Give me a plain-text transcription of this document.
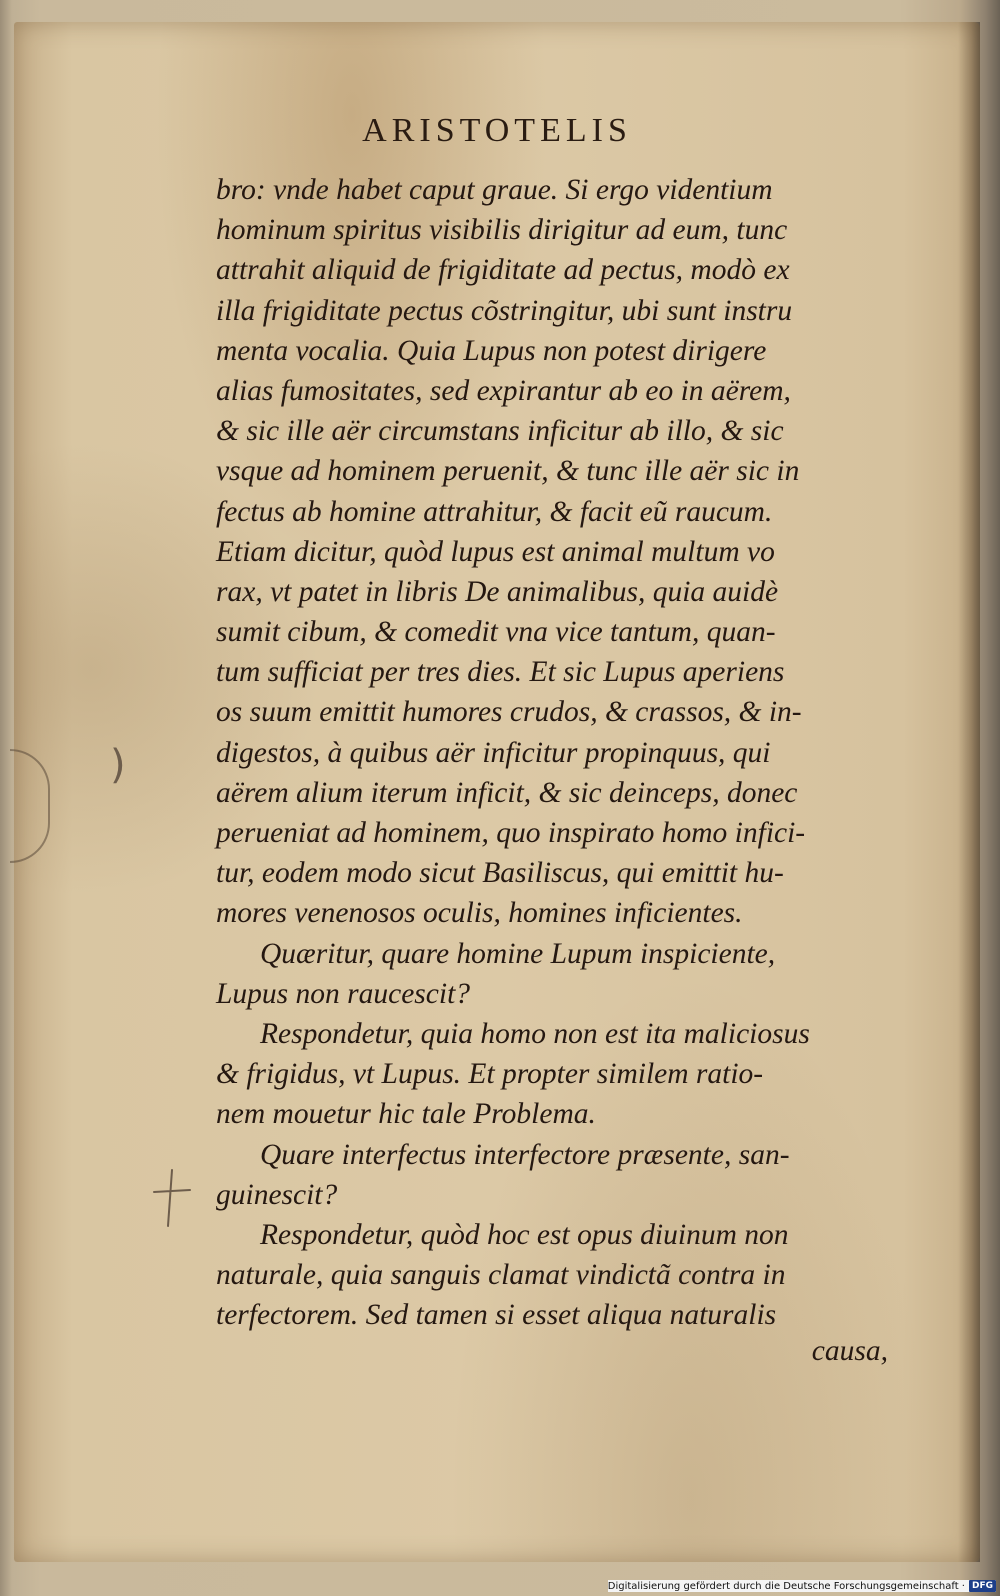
)
ARISTOTELIS
bro: vnde habet caput graue. Si ergo videntium
hominum spiritus visibilis dirigitur ad eum, tunc
attrahit aliquid de frigiditate ad pectus, modò ex
illa frigiditate pectus cõstringitur, ubi sunt instru
menta vocalia. Quia Lupus non potest dirigere
alias fumositates, sed expirantur ab eo in aërem,
& sic ille aër circumstans inficitur ab illo, & sic
vsque ad hominem peruenit, & tunc ille aër sic in
fectus ab homine attrahitur, & facit eũ raucum.
Etiam dicitur, quòd lupus est animal multum vo
rax, vt patet in libris De animalibus, quia auidè
sumit cibum, & comedit vna vice tantum, quan-
tum sufficiat per tres dies. Et sic Lupus aperiens
os suum emittit humores crudos, & crassos, & in-
digestos, à quibus aër inficitur propinquus, qui
aërem alium iterum inficit, & sic deinceps, donec
perueniat ad hominem, quo inspirato homo infici-
tur, eodem modo sicut Basiliscus, qui emittit hu-
mores venenosos oculis, homines inficientes.
Quæritur, quare homine Lupum inspiciente,
Lupus non raucescit?
Respondetur, quia homo non est ita maliciosus
& frigidus, vt Lupus. Et propter similem ratio-
nem mouetur hic tale Problema.
Quare interfectus interfectore præsente, san-
guinescit?
Respondetur, quòd hoc est opus diuinum non
naturale, quia sanguis clamat vindictã contra in
terfectorem. Sed tamen si esset aliqua naturalis
causa,
Digitalisierung gefördert durch die Deutsche Forschungsgemeinschaft · DFG
